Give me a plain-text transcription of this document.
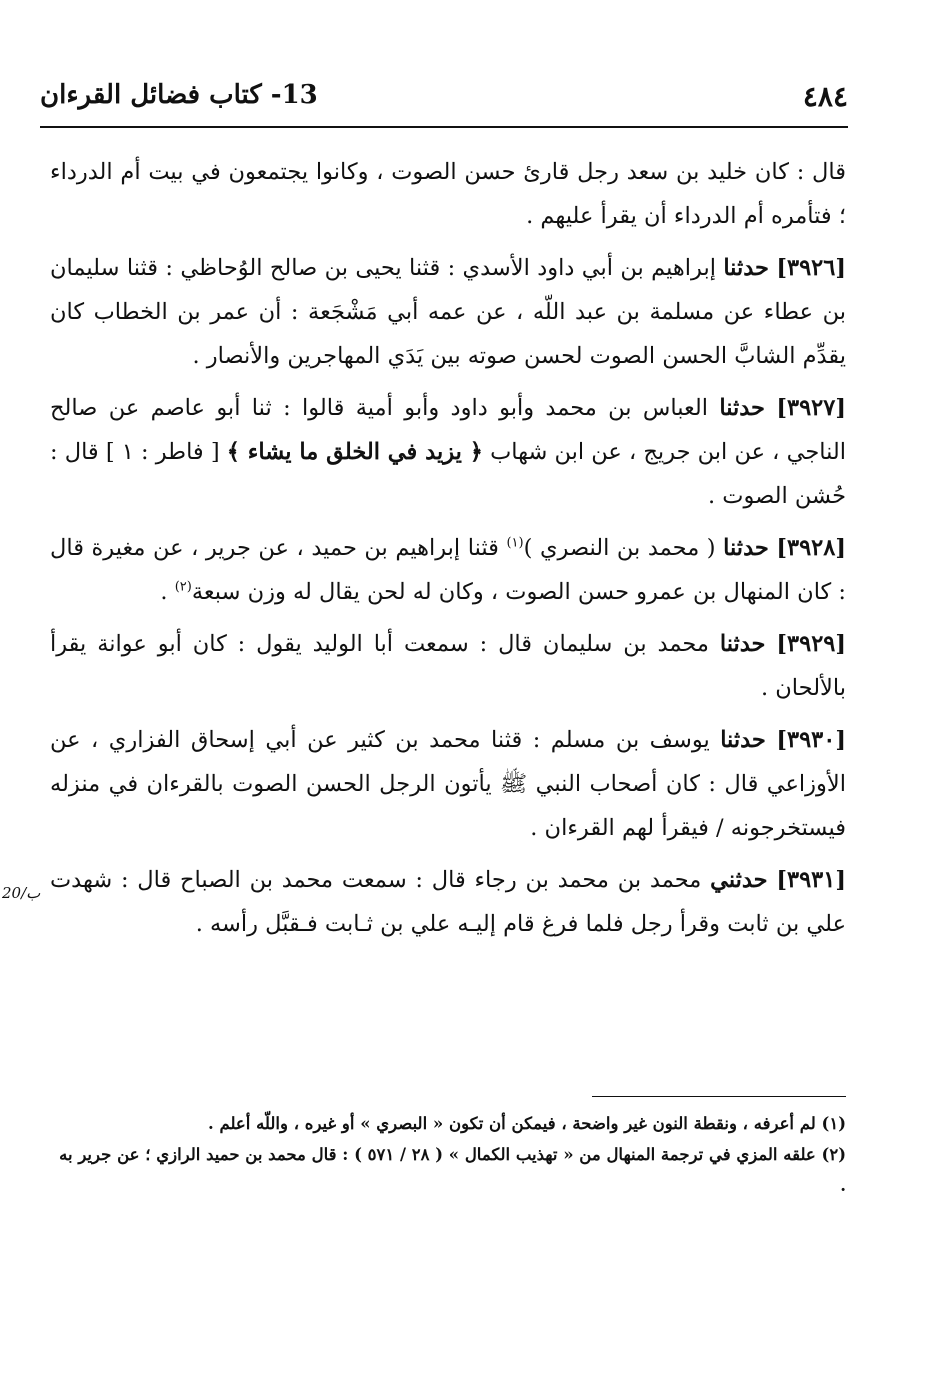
٤٨٤
13- كتاب فضائل القرءان

قال : كان خليد بن سعد رجل قارئ حسن الصوت ، وكانوا يجتمعون في بيت أم الدرداء ؛ فتأمره أم الدرداء أن يقرأ عليهم .

[٣٩٢٦] حدثنا إبراهيم بن أبي داود الأسدي : قثنا يحيى بن صالح الوُحاظي : قثنا سليمان بن عطاء عن مسلمة بن عبد اللّه ، عن عمه أبي مَشْجَعة : أن عمر بن الخطاب كان يقدِّم الشابَّ الحسن الصوت لحسن صوته بين يَدَي المهاجرين والأنصار .

[٣٩٢٧] حدثنا العباس بن محمد وأبو داود وأبو أمية قالوا : ثنا أبو عاصم عن صالح الناجي ، عن ابن جريج ، عن ابن شهاب ﴿ يزيد في الخلق ما يشاء ﴾ [ فاطر : ١ ] قال : حُشن الصوت .

[٣٩٢٨] حدثنا ( محمد بن النصري )$^{(١)}$ قثنا إبراهيم بن حميد ، عن جرير ، عن مغيرة قال : كان المنهال بن عمرو حسن الصوت ، وكان له لحن يقال له وزن سبعة$^{(٢)}$ .

[٣٩٢٩] حدثنا محمد بن سليمان قال : سمعت أبا الوليد يقول : كان أبو عوانة يقرأ بالألحان .

[٣٩٣٠] حدثنا يوسف بن مسلم : قثنا محمد بن كثير عن أبي إسحاق الفزاري ، عن الأوزاعي قال : كان أصحاب النبي ﷺ يأتون الرجل الحسن الصوت بالقرءان في منزله فيستخرجونه / فيقرأ لهم القرءان .

[٣٩٣١] حدثني محمد بن محمد بن رجاء قال : سمعت محمد بن الصباح قال : شهدت علي بن ثابت وقرأ رجل فلما فرغ قام إليـه علي بن ثـابت فـقبَّل رأسه .

20/ب

(١) لم أعرفه ، ونقطة النون غير واضحة ، فيمكن أن تكون « البصري » أو غيره ، واللّه أعلم .

(٢) علقه المزي في ترجمة المنهال من « تهذيب الكمال » ( ٢٨ / ٥٧١ ) : قال محمد بن حميد الرازي ؛ عن جرير به .
